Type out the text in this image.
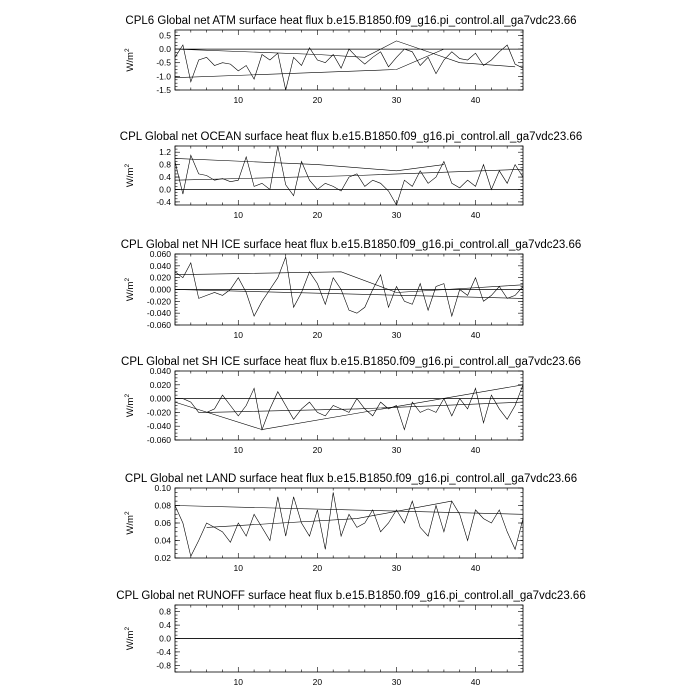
CPL6 Global net ATM surface heat flux b.e15.B1850.f09_g16.pi_control.all_ga7vdc23.66
-1.5
-1.0
-0.5
0.0
0.5
10	20	30	40
$W/m^2$
CPL Global net OCEAN surface heat flux b.e15.B1850.f09_g16.pi_control.all_ga7vdc23.66
-0.4
0.0
0.4
0.8
1.2
10	20	30	40
$W/m^2$
CPL Global net NH ICE surface heat flux b.e15.B1850.f09_g16.pi_control.all_ga7vdc23.66
-0.060
-0.040
-0.020
0.000
0.020
0.040
0.060
10	20	30	40
$W/m^2$
CPL Global net SH ICE surface heat flux b.e15.B1850.f09_g16.pi_control.all_ga7vdc23.66
-0.060
-0.040
-0.020
0.000
0.020
0.040
10	20	30	40
$W/m^2$
CPL Global net LAND surface heat flux b.e15.B1850.f09_g16.pi_control.all_ga7vdc23.66
0.02
0.04
0.06
0.08
0.10
10	20	30	40
$W/m^2$
CPL Global net RUNOFF surface heat flux b.e15.B1850.f09_g16.pi_control.all_ga7vdc23.66
-0.8
-0.4
0.0
0.4
0.8
10	20	30	40
$W/m^2$
